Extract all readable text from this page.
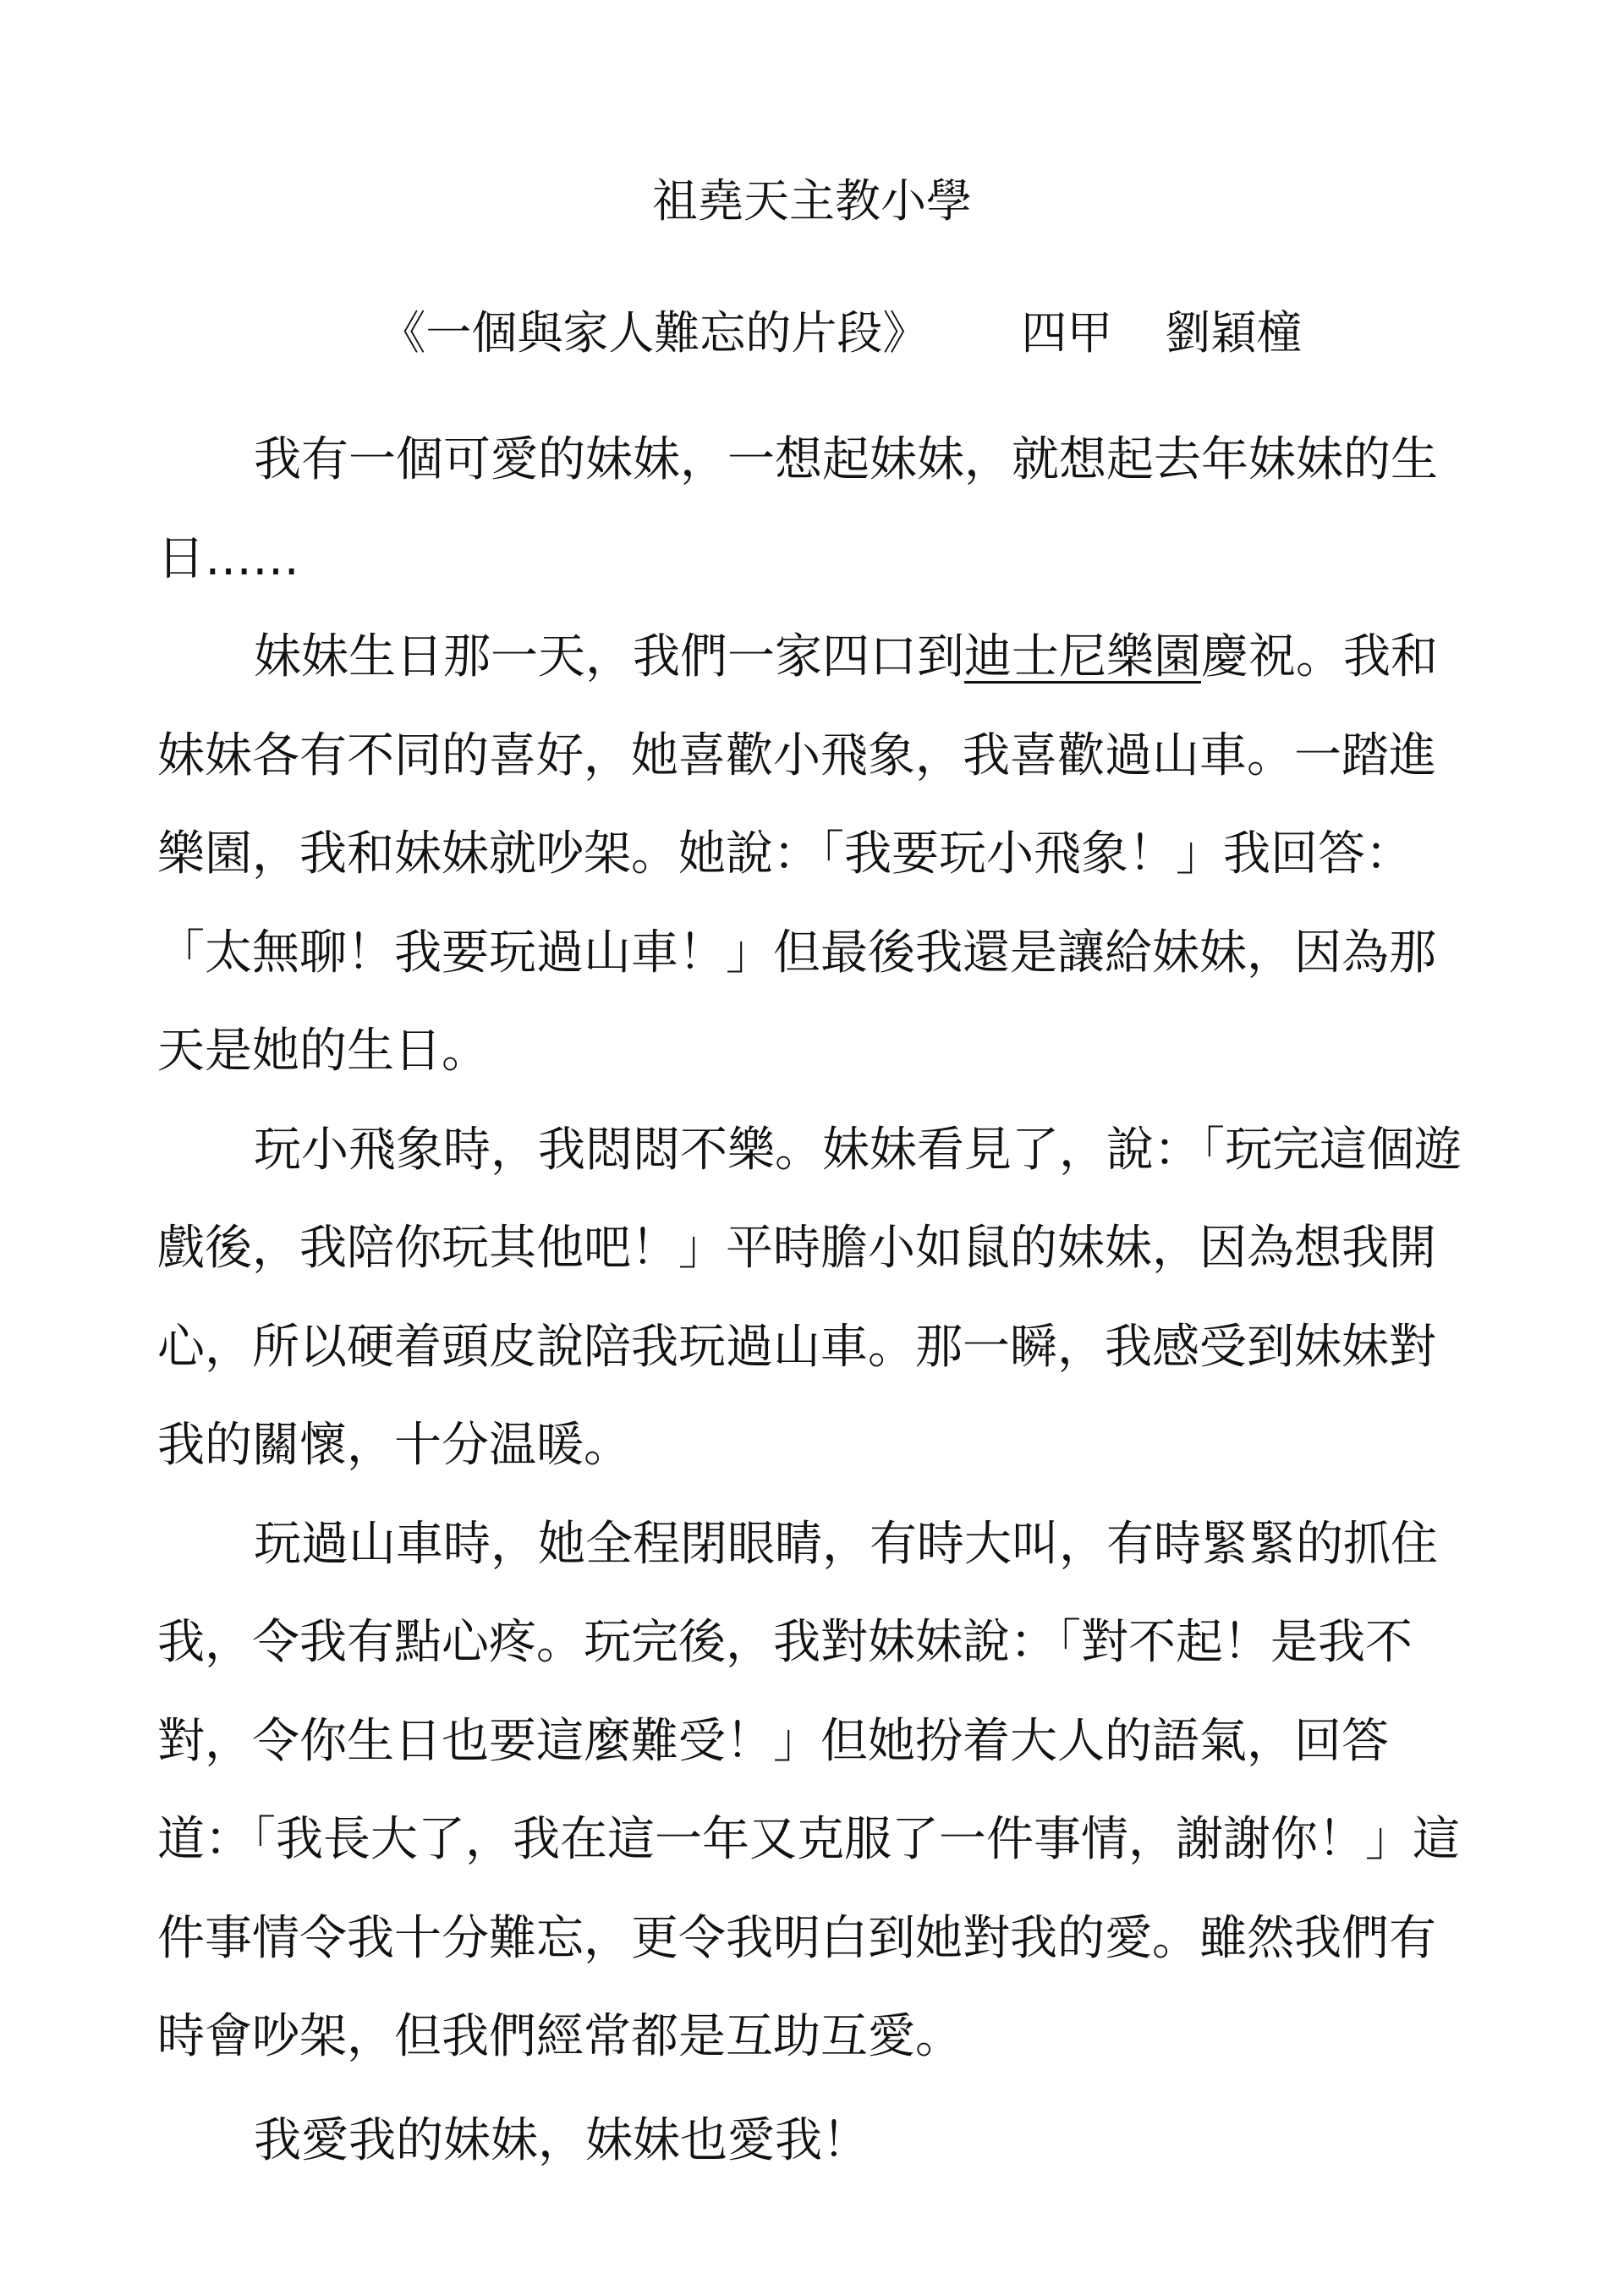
祖堯天主教小學

《一個與家人難忘的片段》 四甲 劉穎橦

我有一個可愛的妹妹，一想起妹妹，就想起去年妹妹的生日……

妹妹生日那一天，我們一家四口到迪士尼樂園慶祝。我和妹妹各有不同的喜好，她喜歡小飛象，我喜歡過山車。一踏進樂園，我和妹妹就吵架。她說：「我要玩小飛象！」我回答：「太無聊！我要玩過山車！」但最後我還是讓給妹妹，因為那天是她的生日。

玩小飛象時，我悶悶不樂。妹妹看見了，說：「玩完這個遊戲後，我陪你玩其他吧！」平時膽小如鼠的妹妹，因為想我開心，所以硬着頭皮說陪我玩過山車。那一瞬，我感受到妹妹對我的關懷，十分温暖。

玩過山車時，她全程閉眼睛，有時大叫，有時緊緊的抓住我，令我有點心疼。玩完後，我對妹妹說：「對不起！是我不對，令你生日也要這麼難受！」但她扮着大人的語氣，回答道：「我長大了，我在這一年又克服了一件事情，謝謝你！」這件事情令我十分難忘，更令我明白到她對我的愛。雖然我們有時會吵架，但我們經常都是互助互愛。

我愛我的妹妹，妹妹也愛我！
